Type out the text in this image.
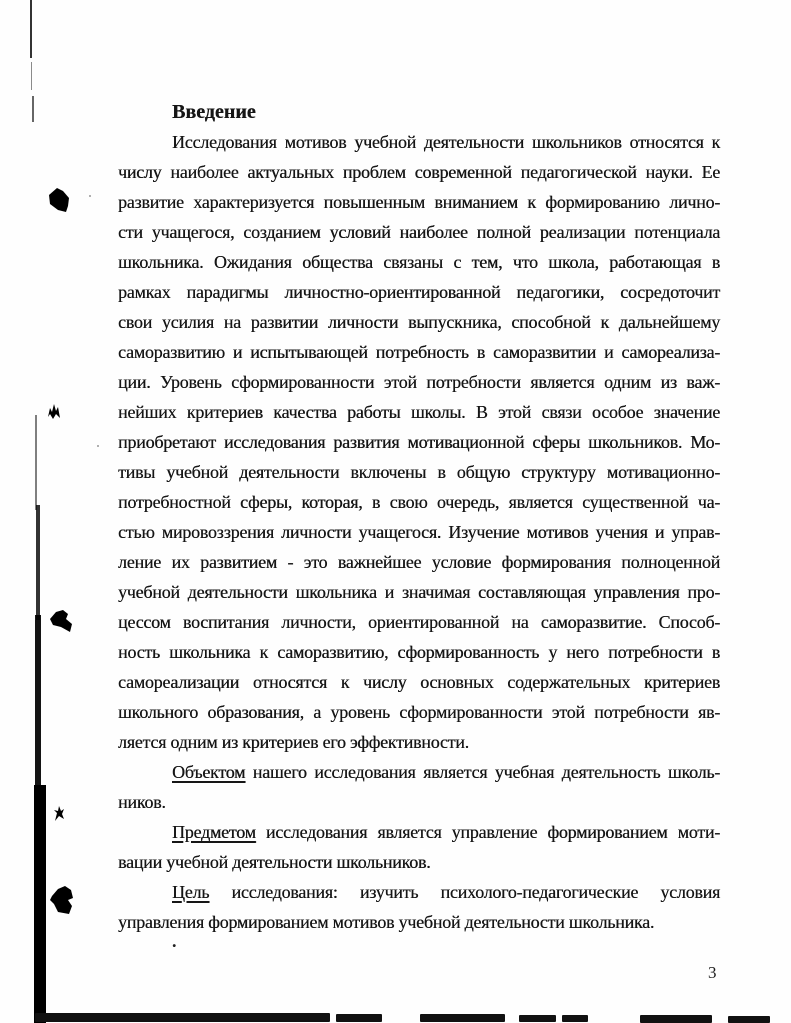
Введение
Исследования мотивов учебной деятельности школьников относятся к
числу наиболее актуальных проблем современной педагогической науки. Ее
развитие характеризуется повышенным вниманием к формированию лично-
сти учащегося, созданием условий наиболее полной реализации потенциала
школьника. Ожидания общества связаны с тем, что школа, работающая в
рамках парадигмы личностно-ориентированной педагогики, сосредоточит
свои усилия на развитии личности выпускника, способной к дальнейшему
саморазвитию и испытывающей потребность в саморазвитии и самореализа-
ции. Уровень сформированности этой потребности является одним из важ-
нейших критериев качества работы школы. В этой связи особое значение
приобретают исследования развития мотивационной сферы школьников. Мо-
тивы учебной деятельности включены в общую структуру мотивационно-
потребностной сферы, которая, в свою очередь, является существенной ча-
стью мировоззрения личности учащегося. Изучение мотивов учения и управ-
ление их развитием - это важнейшее условие формирования полноценной
учебной деятельности школьника и значимая составляющая управления про-
цессом воспитания личности, ориентированной на саморазвитие. Способ-
ность школьника к саморазвитию, сформированность у него потребности в
самореализации относятся к числу основных содержательных критериев
школьного образования, а уровень сформированности этой потребности яв-
ляется одним из критериев его эффективности.
Объектом нашего исследования является учебная деятельность школь-
ников.
Предметом исследования является управление формированием моти-
вации учебной деятельности школьников.
Цель исследования: изучить психолого-педагогические условия
управления формированием мотивов учебной деятельности школьника.
.
3
